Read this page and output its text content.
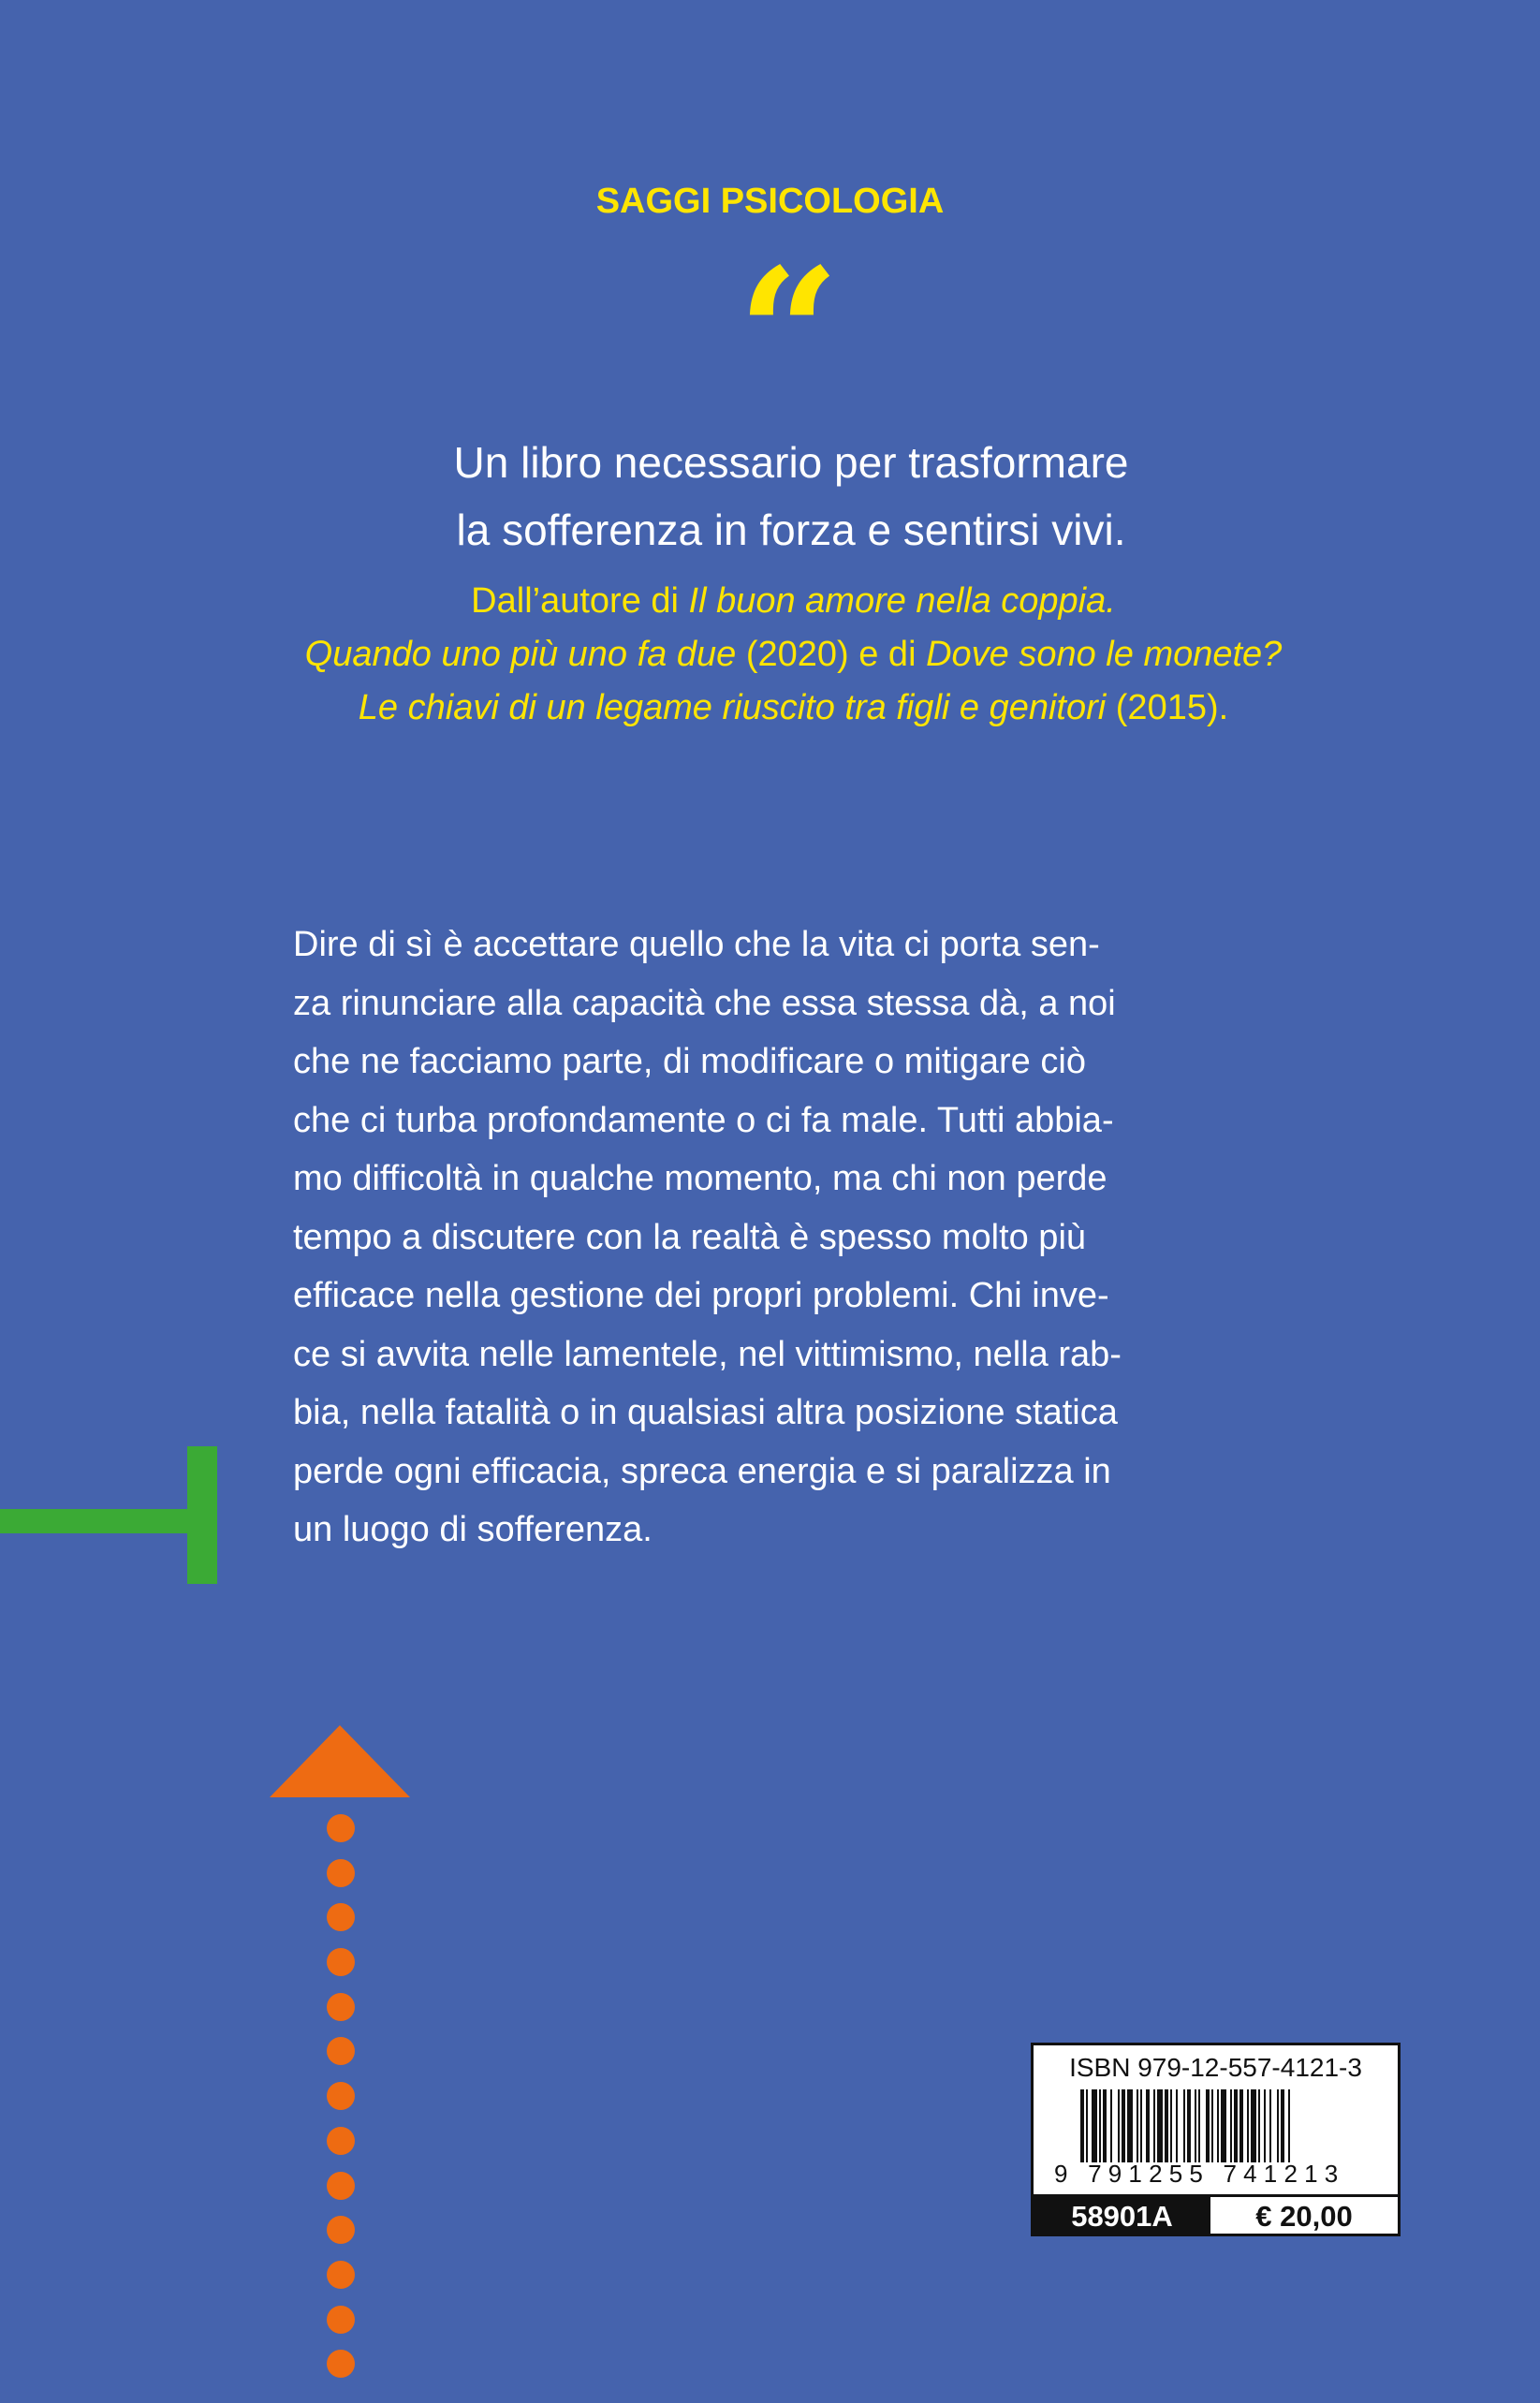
SAGGI PSICOLOGIA
“
Un libro necessario per trasformare
la sofferenza in forza e sentirsi vivi.
Dall’autore di Il buon amore nella coppia.
Quando uno più uno fa due (2020) e di Dove sono le monete?
Le chiavi di un legame riuscito tra figli e genitori (2015).
Dire di sì è accettare quello che la vita ci porta sen-
za rinunciare alla capacità che essa stessa dà, a noi
che ne facciamo parte, di modificare o mitigare ciò
che ci turba profondamente o ci fa male. Tutti abbia-
mo difficoltà in qualche momento, ma chi non perde
tempo a discutere con la realtà è spesso molto più
efficace nella gestione dei propri problemi. Chi inve-
ce si avvita nelle lamentele, nel vittimismo, nella rab-
bia, nella fatalità o in qualsiasi altra posizione statica
perde ogni efficacia, spreca energia e si paralizza in
un luogo di sofferenza.
ISBN 979-12-557-4121-3
9 791255 741213
58901A	€ 20,00
